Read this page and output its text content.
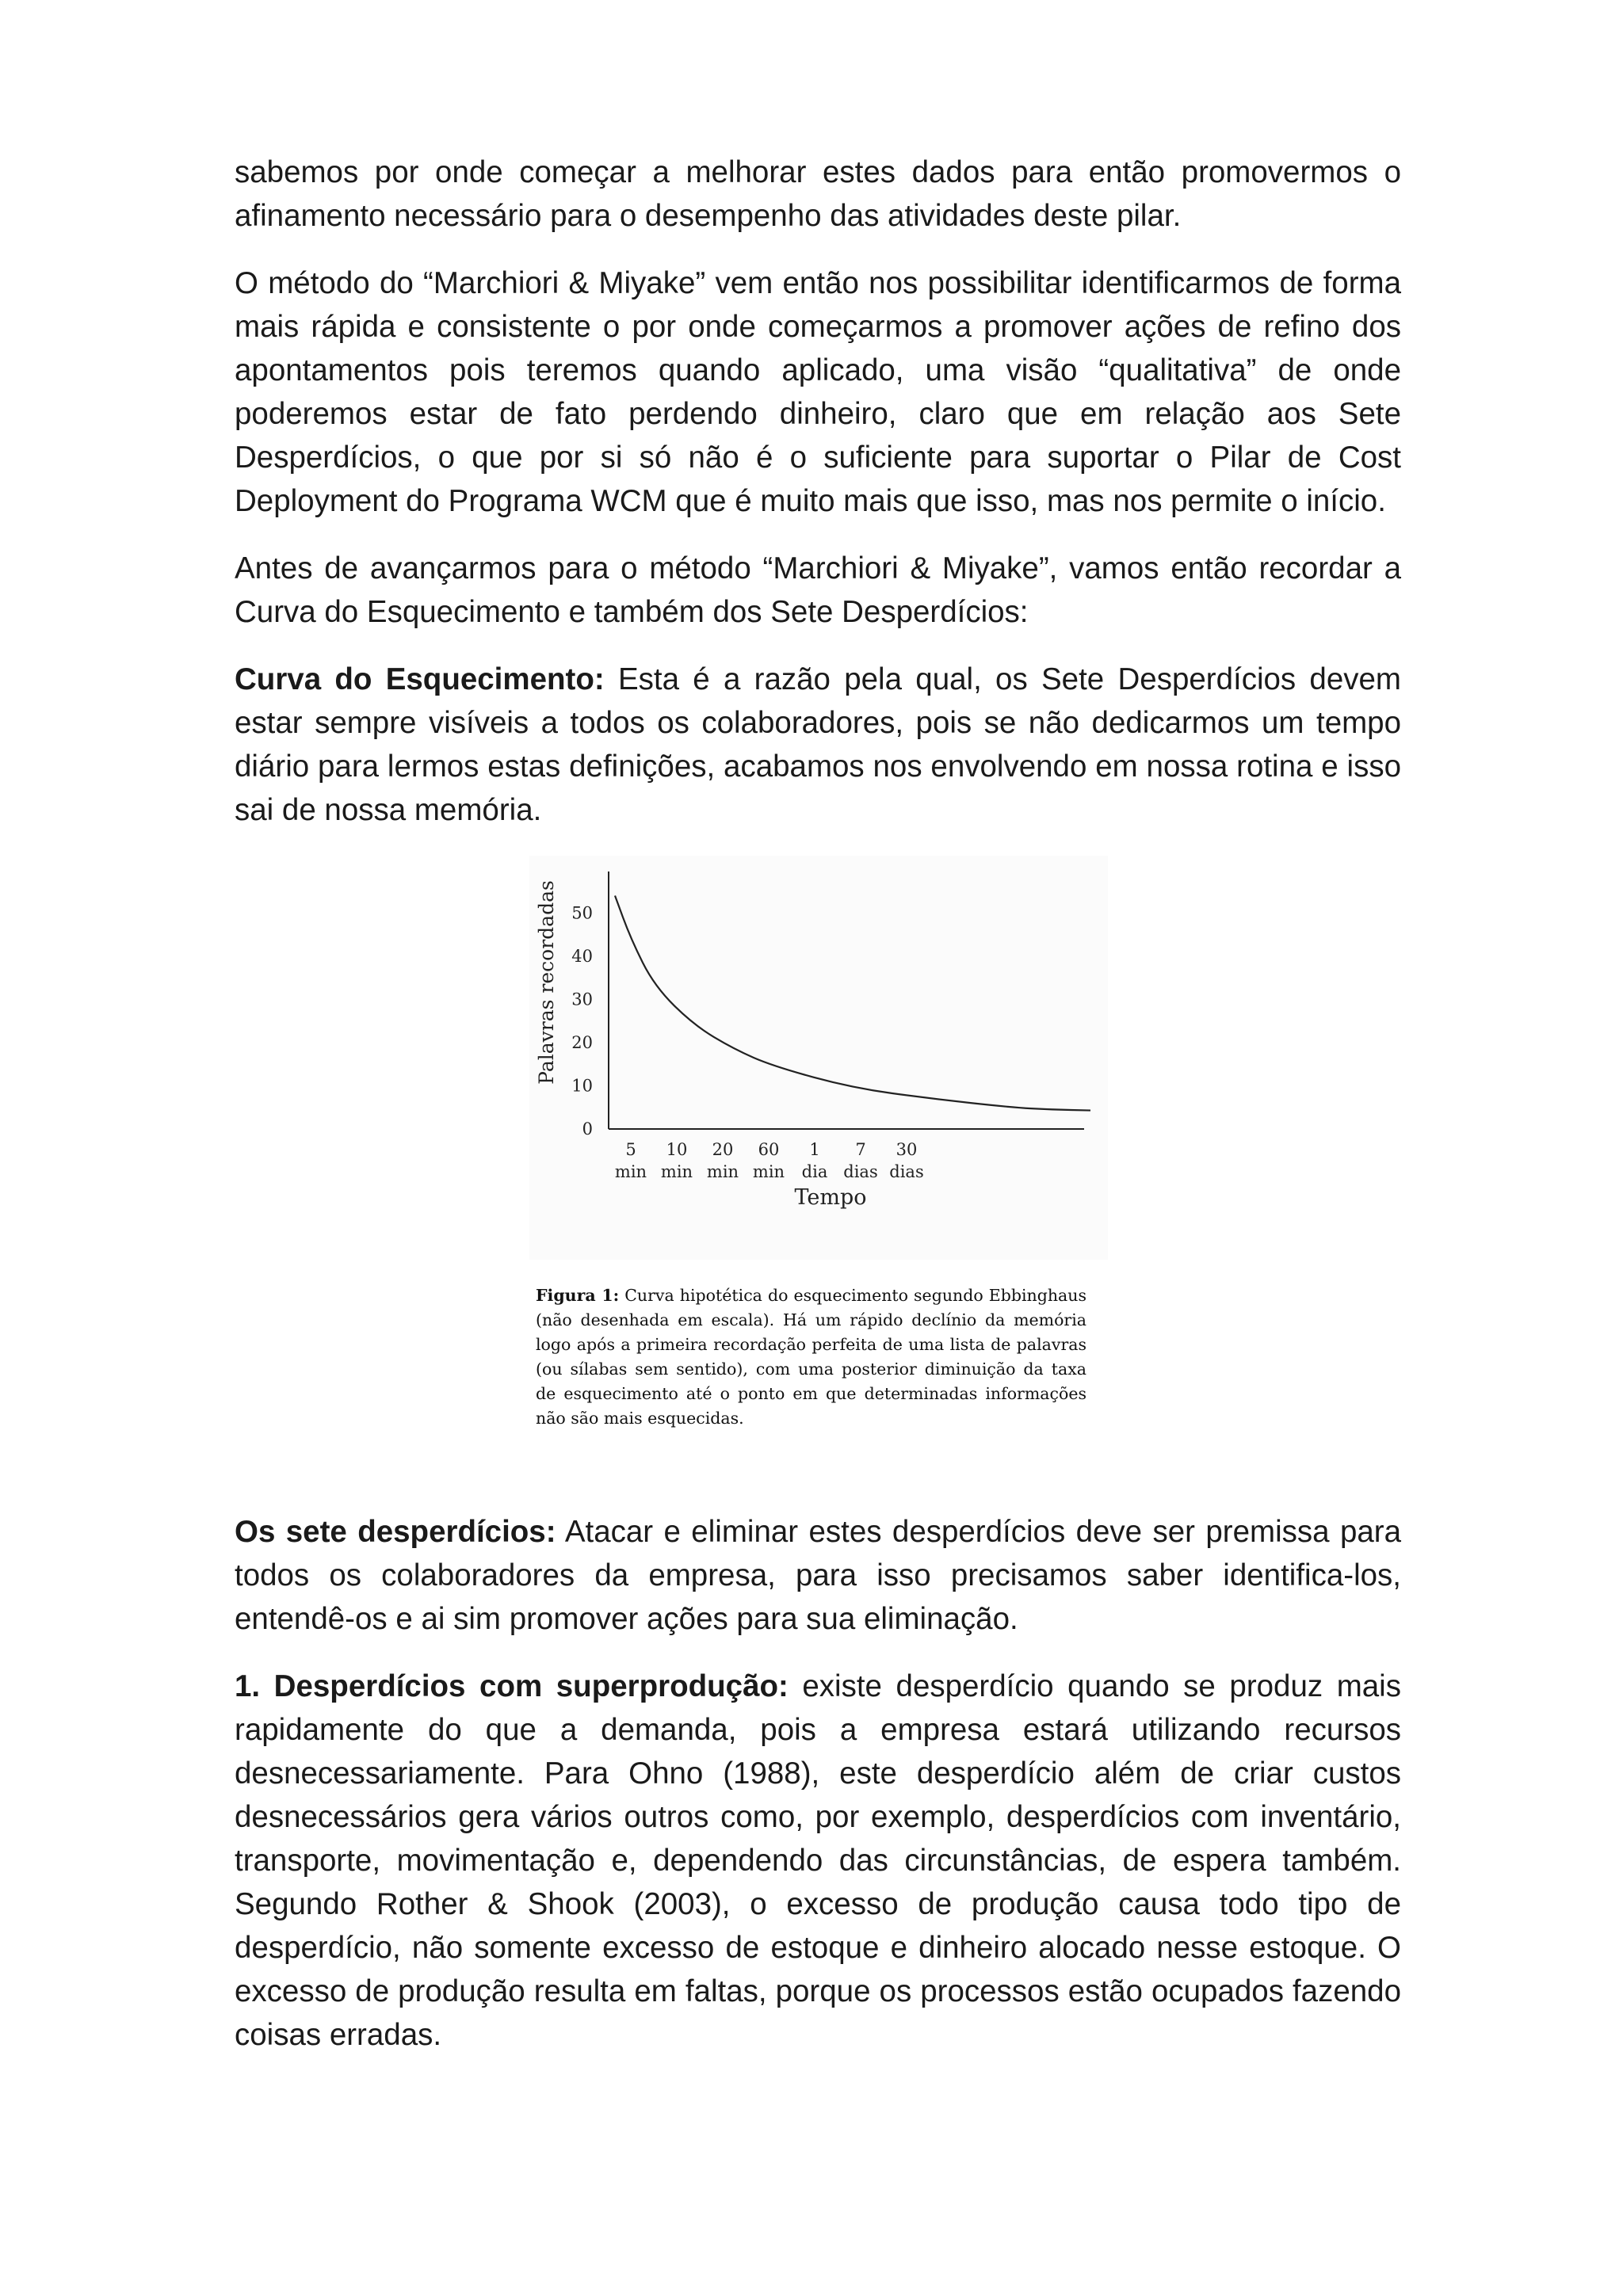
sabemos por onde começar a melhorar estes dados para então promovermos o afinamento necessário para o desempenho das atividades deste pilar.

O método do “Marchiori & Miyake” vem então nos possibilitar identificarmos de forma mais rápida e consistente o por onde começarmos a promover ações de refino dos apontamentos pois teremos quando aplicado, uma visão “qualitativa” de onde poderemos estar de fato perdendo dinheiro, claro que em relação aos Sete Desperdícios, o que por si só não é o suficiente para suportar o Pilar de Cost Deployment do Programa WCM que é muito mais que isso, mas nos permite o início.

Antes de avançarmos para o método “Marchiori & Miyake”, vamos então recordar a Curva do Esquecimento e também dos Sete Desperdícios:

Curva do Esquecimento: Esta é a razão pela qual, os Sete Desperdícios devem estar sempre visíveis a todos os colaboradores, pois se não dedicarmos um tempo diário para lermos estas definições, acabamos nos envolvendo em nossa rotina e isso sai de nossa memória.

0
10
20
30
40
50
5
min
10
min
20
min
60
min
1
dia
7
dias
30
dias
Palavras recordadas
Tempo
Figura 1: Curva hipotética do esquecimento segundo Ebbinghaus (não desenhada em escala). Há um rápido declínio da memória logo após a primeira recordação perfeita de uma lista de palavras (ou sílabas sem sentido), com uma posterior diminuição da taxa de esquecimento até o ponto em que determinadas informações não são mais esquecidas.

Os sete desperdícios: Atacar e eliminar estes desperdícios deve ser premissa para todos os colaboradores da empresa, para isso precisamos saber identifica-los, entendê-os e ai sim promover ações para sua eliminação.

1. Desperdícios com superprodução: existe desperdício quando se produz mais rapidamente do que a demanda, pois a empresa estará utilizando recursos desnecessariamente. Para Ohno (1988), este desperdício além de criar custos desnecessários gera vários outros como, por exemplo, desperdícios com inventário, transporte, movimentação e, dependendo das circunstâncias, de espera também. Segundo Rother & Shook (2003), o excesso de produção causa todo tipo de desperdício, não somente excesso de estoque e dinheiro alocado nesse estoque. O excesso de produção resulta em faltas, porque os processos estão ocupados fazendo coisas erradas.
